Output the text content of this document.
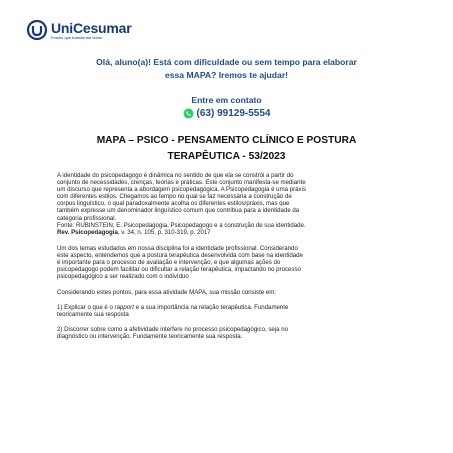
UniCesumar
Ensino que transforma vidas
Olá, aluno(a)! Está com dificuldade ou sem tempo para elaborar
essa MAPA? Iremos te ajudar!
Entre em contato
(63) 99129-5554
MAPA – PSICO - PENSAMENTO CLÍNICO E POSTURA
TERAPÊUTICA - 53/2023

A identidade do psicopedagogo é dinâmica no sentido de que ela se constrói a partir do

conjunto de necessidades, crenças, teorias e práticas. Este conjunto manifesta-se mediante

um discurso que representa a abordagem psicopedagógica. A Psicopedagogia é uma práxis

com diferentes estilos. Chegamos ao tempo no qual se faz necessária a construção de

corpus linguístico, o qual paradoxalmente acolha os diferentes estilos/práxis, mas que

também expresse um denominador linguístico comum que contribua para a identidade da

categoria profissional.

Fonte: RUBINSTEIN, E. Psicopedagogia, Psicopedagogo e a construção de sua identidade.

Rev. Psicopedagogia, v. 34, n. 105, p. 310-319, p. 2017

Um dos temas estudados em nossa disciplina foi a identidade profissional. Considerando

este aspecto, entendemos que a postura terapêutica desenvolvida com base na identidade

é importante para o processo de avaliação e intervenção, e que algumas ações do

psicopedagogo podem facilitar ou dificultar a relação terapêutica, impactando no processo

psicopedagógico a ser realizado com o indivíduo

Considerando estes pontos, para essa atividade MAPA, sua missão consiste em:

1) Explicar o que é o rapport e a sua importância na relação terapêutica. Fundamente

teoricamente sua resposta

2) Discorrer sobre como a afetividade interfere no processo psicopedagógico, seja no

diagnóstico ou intervenção. Fundamente teoricamente sua resposta.
